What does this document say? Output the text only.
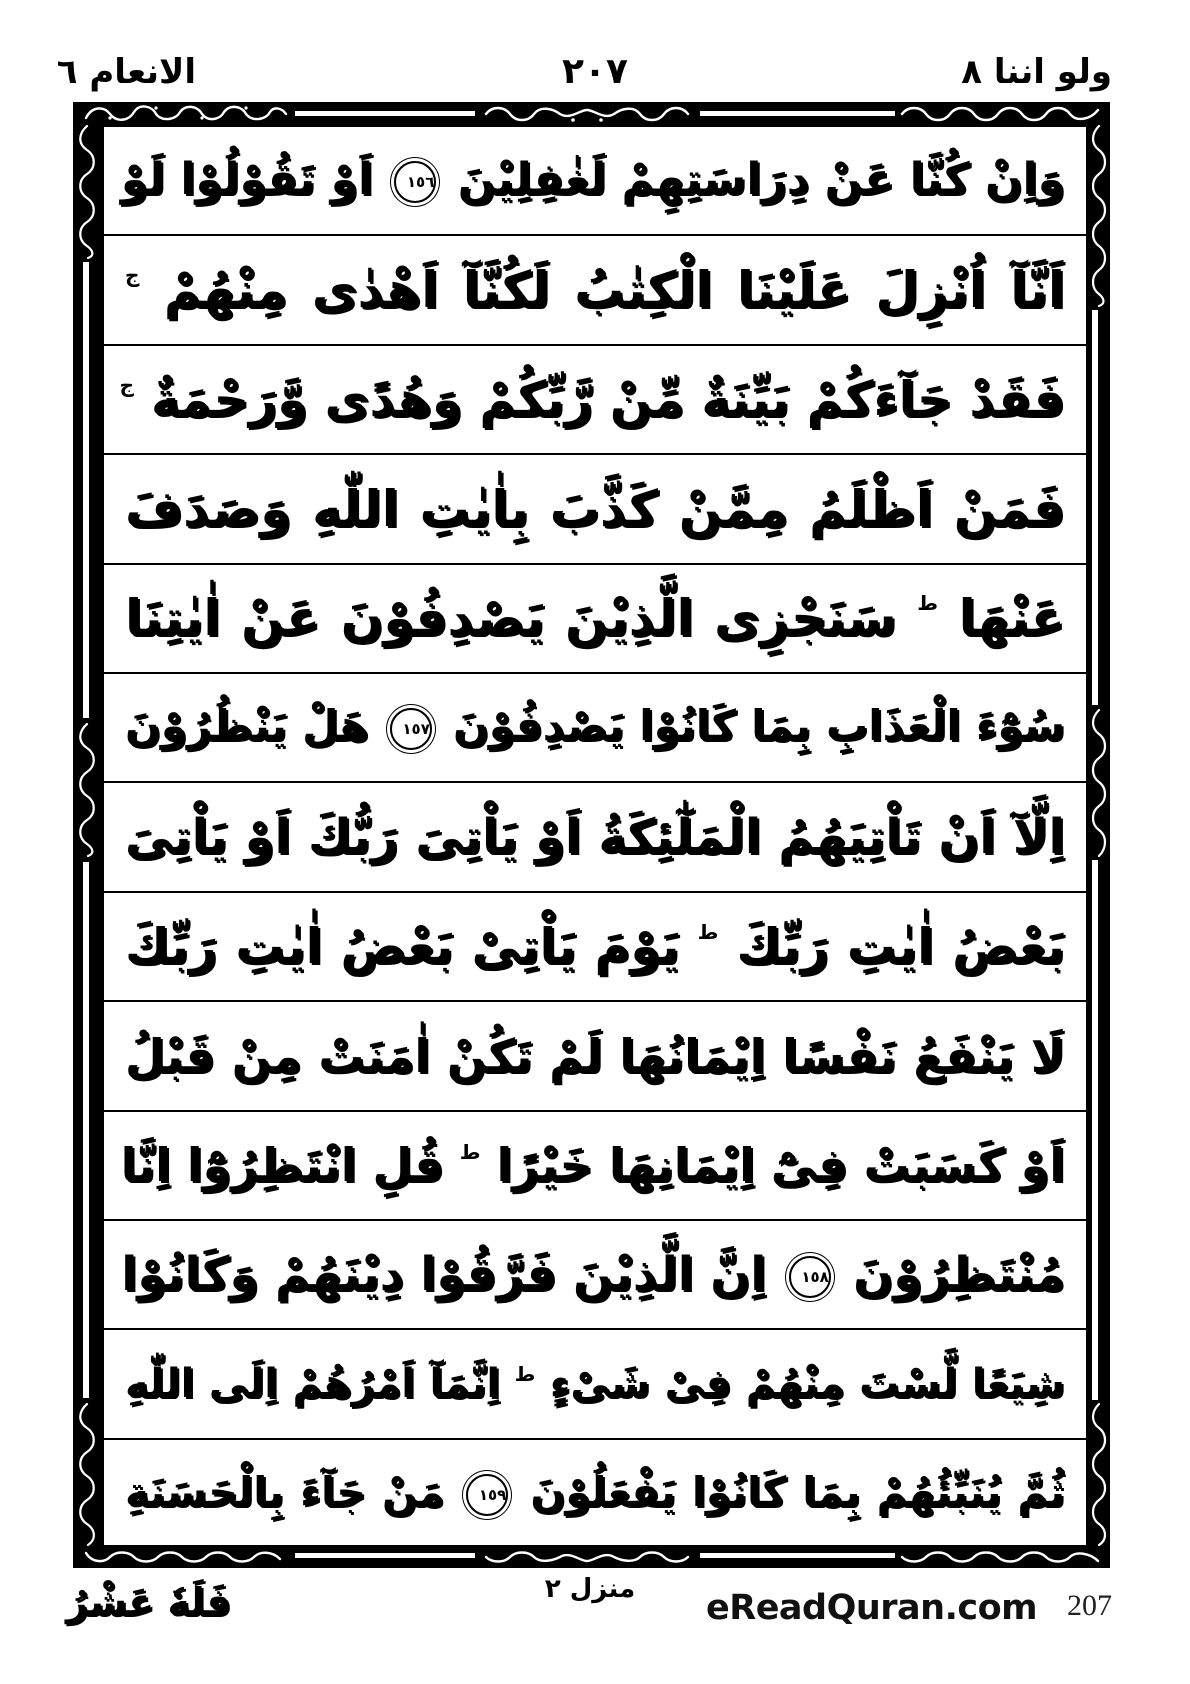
الانعام ٦	٢٠٧	ولو اننا ٨
وَاِنْ كُنَّا عَنْ دِرَاسَتِهِمْ لَغٰفِلِيْنَ ١٥٦ اَوْ تَقُوْلُوْا لَوْ
اَنَّآ اُنْزِلَ عَلَيْنَا الْكِتٰبُ لَكُنَّآ اَهْدٰى مِنْهُمْ $^ج$
فَقَدْ جَآءَكُمْ بَيِّنَةٌ مِّنْ رَّبِّكُمْ وَهُدًى وَّرَحْمَةٌ $^ج$
فَمَنْ اَظْلَمُ مِمَّنْ كَذَّبَ بِاٰيٰتِ اللّٰهِ وَصَدَفَ
عَنْهَا $^ط$ سَنَجْزِى الَّذِيْنَ يَصْدِفُوْنَ عَنْ اٰيٰتِنَا
سُوْٓءَ الْعَذَابِ بِمَا كَانُوْا يَصْدِفُوْنَ ١٥٧ هَلْ يَنْظُرُوْنَ
اِلَّآ اَنْ تَاْتِيَهُمُ الْمَلٰٓئِكَةُ اَوْ يَاْتِىَ رَبُّكَ اَوْ يَاْتِىَ
بَعْضُ اٰيٰتِ رَبِّكَ $^ط$ يَوْمَ يَاْتِىْ بَعْضُ اٰيٰتِ رَبِّكَ
لَا يَنْفَعُ نَفْسًا اِيْمَانُهَا لَمْ تَكُنْ اٰمَنَتْ مِنْ قَبْلُ
اَوْ كَسَبَتْ فِىْٓ اِيْمَانِهَا خَيْرًا $^ط$ قُلِ انْتَظِرُوْٓا اِنَّا
مُنْتَظِرُوْنَ ١٥٨ اِنَّ الَّذِيْنَ فَرَّقُوْا دِيْنَهُمْ وَكَانُوْا
شِيَعًا لَّسْتَ مِنْهُمْ فِىْ شَىْءٍ $^ط$ اِنَّمَآ اَمْرُهُمْ اِلَى اللّٰهِ
ثُمَّ يُنَبِّئُهُمْ بِمَا كَانُوْا يَفْعَلُوْنَ ١٥٩ مَنْ جَآءَ بِالْحَسَنَةِ
فَلَهٗ عَشْرُ	منزل ٢ eReadQuran.com 207
